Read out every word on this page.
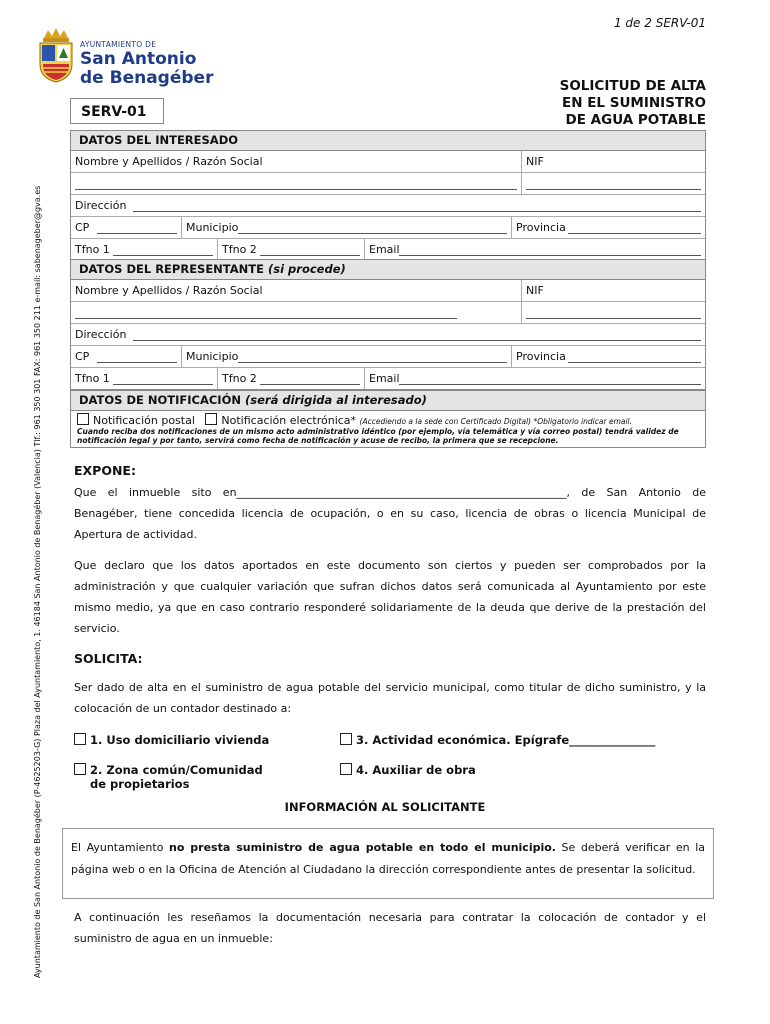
1 de 2 SERV-01
Ayuntamiento de San Antonio de Benagéber (P-4625203-G) Plaza del Ayuntamiento, 1. 46184 San Antonio de Benagéber (Valencia) Tlf.: 961 350 301 FAX: 961 350 211 e-mail: sabenageber@gva.es
AYUNTAMIENTO DE
San Antonio
de Benagéber	SOLICITUD DE ALTA
EN EL SUMINISTRO
DE AGUA POTABLE
SERV-01
DATOS DEL INTERESADO
Nombre y Apellidos / Razón Social	NIF
Dirección
CP	Municipio	Provincia
Tfno 1	Tfno 2	Email
DATOS DEL REPRESENTANTE (si procede)
Nombre y Apellidos / Razón Social	NIF
Dirección
CP	Municipio	Provincia
Tfno 1	Tfno 2	Email
DATOS DE NOTIFICACIÓN (será dirigida al interesado)
Notificación postal Notificación electrónica* (Accediendo a la sede con Certificado Digital) *Obligatorio indicar email.
Cuando reciba dos notificaciones de un mismo acto administrativo idéntico (por ejemplo, vía telemática y vía correo postal) tendrá validez de notificación legal y por tanto, servirá como fecha de notificación y acuse de recibo, la primera que se recepcione.
EXPONE:
Que el inmueble sito en____________________________________________________________, de San Antonio de Benagéber, tiene concedida licencia de ocupación, o en su caso, licencia de obras o licencia Municipal de Apertura de actividad.
Que declaro que los datos aportados en este documento son ciertos y pueden ser comprobados por la administración y que cualquier variación que sufran dichos datos será comunicada al Ayuntamiento por este mismo medio, ya que en caso contrario responderé solidariamente de la deuda que derive de la prestación del servicio.
SOLICITA:
Ser dado de alta en el suministro de agua potable del servicio municipal, como titular de dicho suministro, y la colocación de un contador destinado a:
1. Uso domiciliario vivienda	3. Actividad económica. Epígrafe_______________
2. Zona común/Comunidad
de propietarios
4. Auxiliar de obra
INFORMACIÓN AL SOLICITANTE

El Ayuntamiento no presta suministro de agua potable en todo el municipio. Se deberá verificar en la página web o en la Oficina de Atención al Ciudadano la dirección correspondiente antes de presentar la solicitud.

A continuación les reseñamos la documentación necesaria para contratar la colocación de contador y el suministro de agua en un inmueble:
